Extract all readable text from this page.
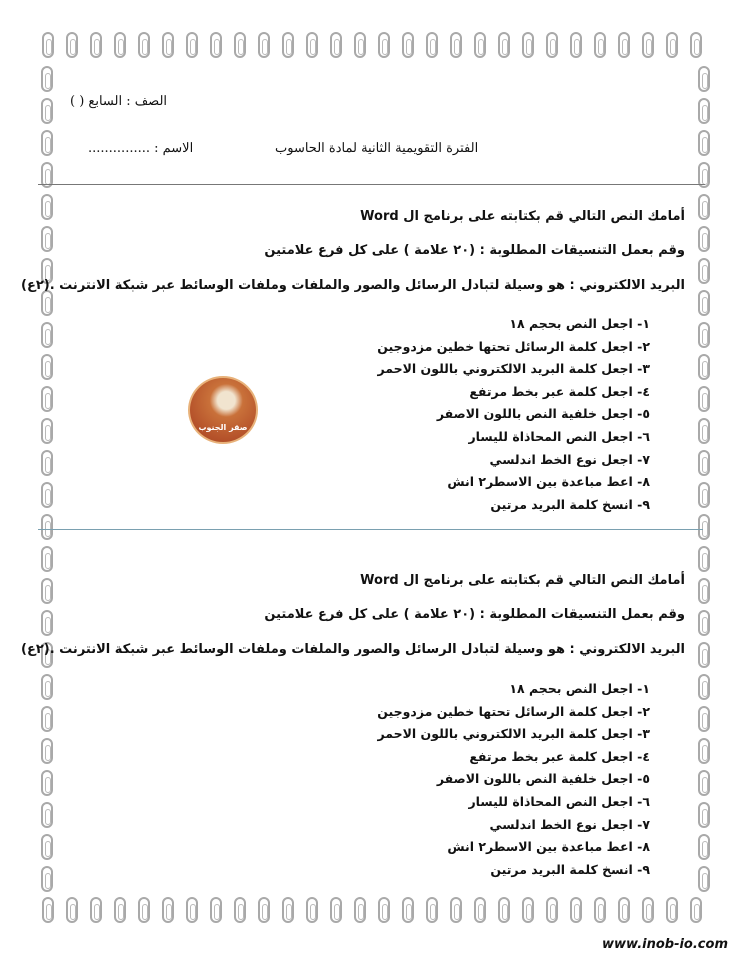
الصف : السابع ( )
الاسم : ...............	الفترة التقويمية الثانية لمادة الحاسوب
أمامك النص التالي قم بكتابته على برنامج ال Word
وقم بعمل التنسيقات المطلوبة : (٢٠ علامة ) على كل فرع علامتين
البريد الالكتروني : هو وسيلة لتبادل الرسائل والصور والملفات وملفات الوسائط عبر شبكة الانترنت .(٢ع)
١- اجعل النص بحجم ١٨
٢- اجعل كلمة الرسائل تحتها خطين مزدوجين
٣- اجعل كلمة البريد الالكتروني باللون الاحمر
٤- اجعل كلمة عبر بخط مرتفع
٥- اجعل خلفية النص باللون الاصفر
٦- اجعل النص المحاذاة لليسار
٧- اجعل نوع الخط اندلسي
٨- اعط مباعدة بين الاسطر٢ انش
٩- انسخ كلمة البريد مرتين
صقر الجنوب
أمامك النص التالي قم بكتابته على برنامج ال Word
وقم بعمل التنسيقات المطلوبة : (٢٠ علامة ) على كل فرع علامتين
البريد الالكتروني : هو وسيلة لتبادل الرسائل والصور والملفات وملفات الوسائط عبر شبكة الانترنت .(٢ع)
١- اجعل النص بحجم ١٨
٢- اجعل كلمة الرسائل تحتها خطين مزدوجين
٣- اجعل كلمة البريد الالكتروني باللون الاحمر
٤- اجعل كلمة عبر بخط مرتفع
٥- اجعل خلفية النص باللون الاصفر
٦- اجعل النص المحاذاة لليسار
٧- اجعل نوع الخط اندلسي
٨- اعط مباعدة بين الاسطر٢ انش
٩- انسخ كلمة البريد مرتين
www.inob-io.com
